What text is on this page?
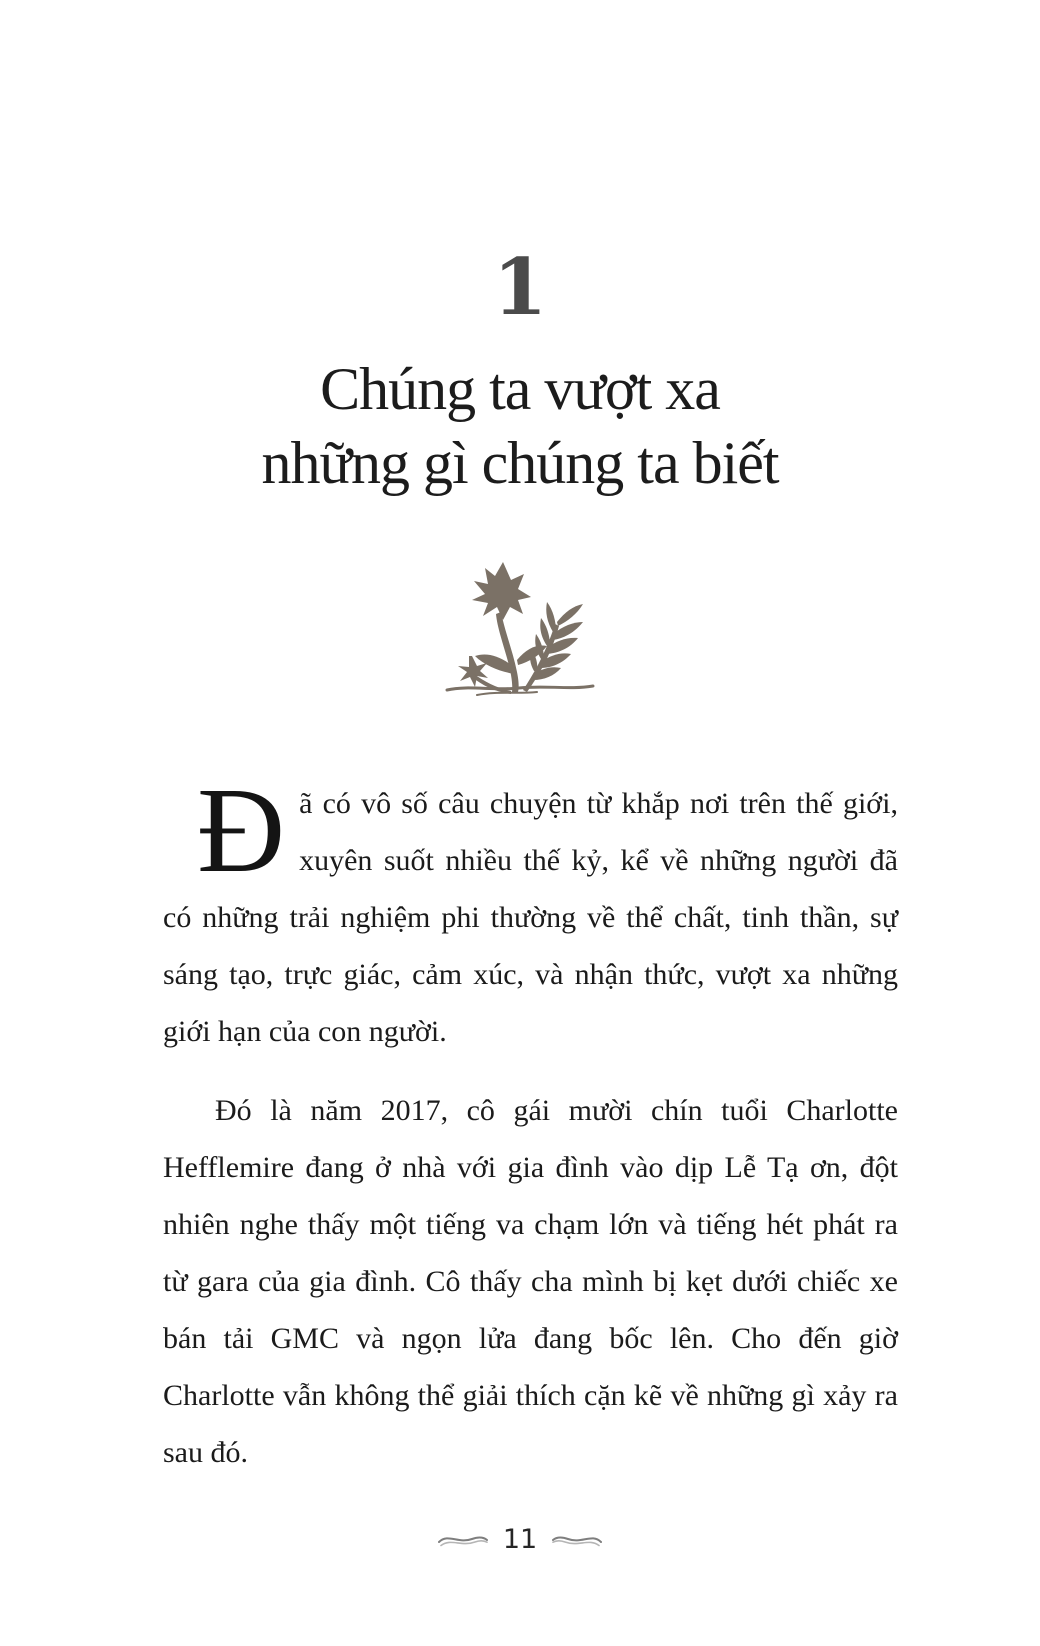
1
Chúng ta vượt xa
những gì chúng ta biết

Đã có vô số câu chuyện từ khắp nơi trên thế giới, xuyên suốt nhiều thế kỷ, kể về những người đã có những trải nghiệm phi thường về thể chất, tinh thần, sự sáng tạo, trực giác, cảm xúc, và nhận thức, vượt xa những giới hạn của con người.

Đó là năm 2017, cô gái mười chín tuổi Charlotte Hefflemire đang ở nhà với gia đình vào dịp Lễ Tạ ơn, đột nhiên nghe thấy một tiếng va chạm lớn và tiếng hét phát ra từ gara của gia đình. Cô thấy cha mình bị kẹt dưới chiếc xe bán tải GMC và ngọn lửa đang bốc lên. Cho đến giờ Charlotte vẫn không thể giải thích cặn kẽ về những gì xảy ra sau đó.

11
